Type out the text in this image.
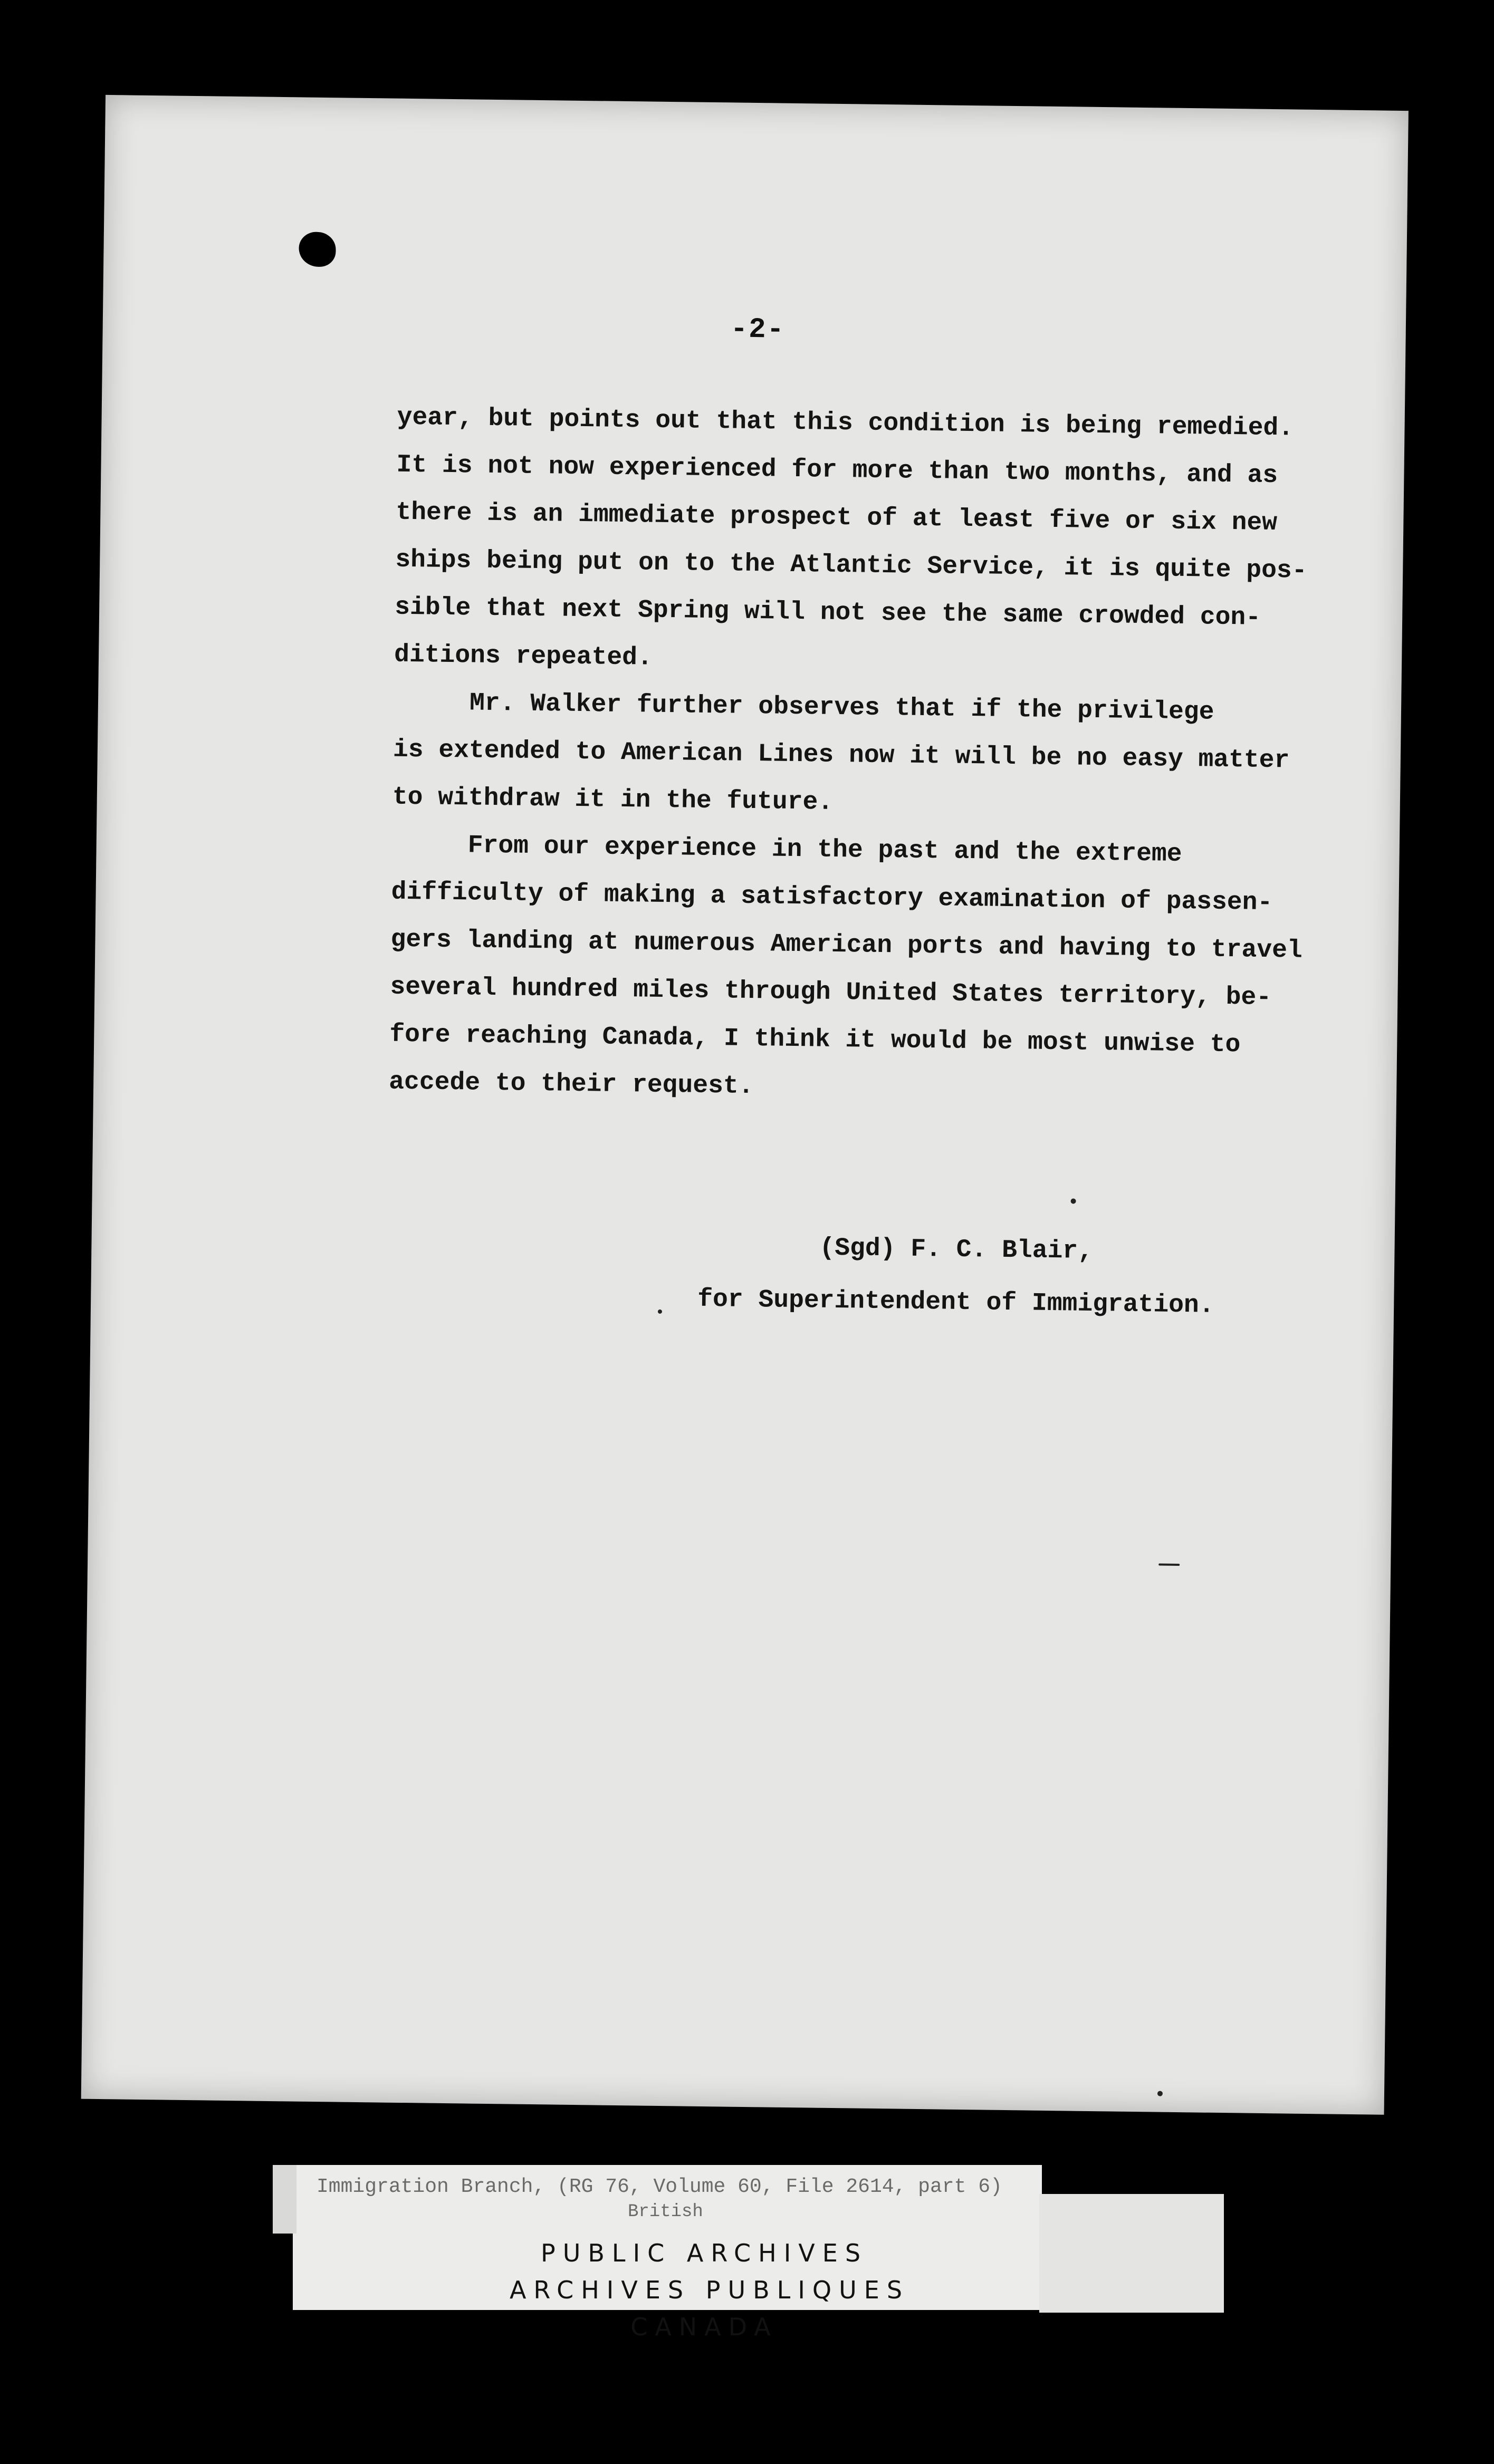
-2-
year, but points out that this condition is being remedied.
It is not now experienced for more than two months, and as
there is an immediate prospect of at least five or six new
ships being put on to the Atlantic Service, it is quite pos-
sible that next Spring will not see the same crowded con-
ditions repeated.
Mr. Walker further observes that if the privilege
is extended to American Lines now it will be no easy matter
to withdraw it in the future.
From our experience in the past and the extreme
difficulty of making a satisfactory examination of passen-
gers landing at numerous American ports and having to travel
several hundred miles through United States territory, be-
fore reaching Canada, I think it would be most unwise to
accede to their request.
(Sgd) F. C. Blair,
for Superintendent of Immigration.
Immigration Branch, (RG 76, Volume 60, File 2614, part 6)
British
PUBLIC ARCHIVES
ARCHIVES PUBLIQUES
CANADA
